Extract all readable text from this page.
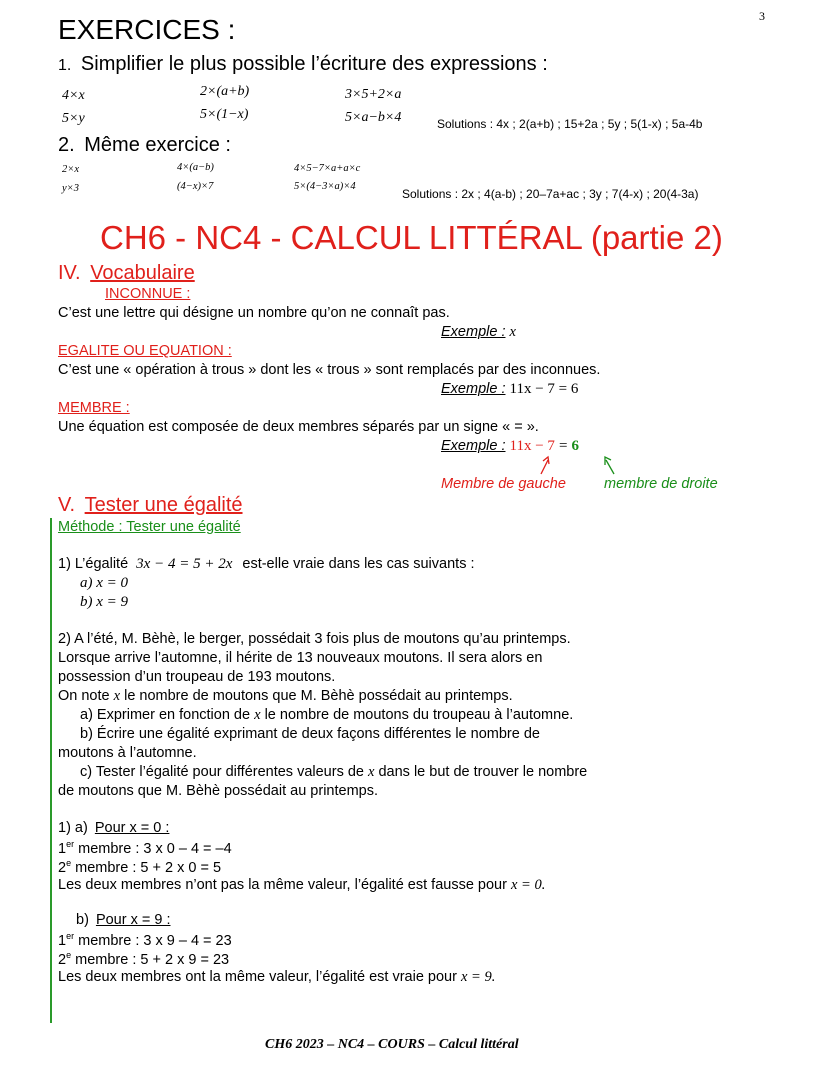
3
EXERCICES :
1. Simplifier le plus possible l’écriture des expressions :
4×x	2×(a+b)	3×5+2×a
5×y	5×(1−x)	5×a−b×4	Solutions : 4x ; 2(a+b) ; 15+2a ; 5y ; 5(1-x) ; 5a-4b
2. Même exercice :
2×x	4×(a−b)	4×5−7×a+a×c
y×3	(4−x)×7	5×(4−3×a)×4
Solutions : 2x ; 4(a-b) ; 20–7a+ac ; 3y ; 7(4-x) ; 20(4-3a)
CH6 - NC4 - CALCUL LITTÉRAL (partie 2)
IV. Vocabulaire
INCONNUE :
C’est une lettre qui désigne un nombre qu’on ne connaît pas.
Exemple : x
EGALITE OU EQUATION :
C’est une « opération à trous » dont les « trous » sont remplacés par des inconnues.
Exemple : 11x − 7 = 6
MEMBRE :
Une équation est composée de deux membres séparés par un signe « = ».
Exemple : 11x − 7 = 6
Membre de gauche	membre de droite
V. Tester une égalité
Méthode : Tester une égalité
1) L’égalité 3x − 4 = 5 + 2x est-elle vraie dans les cas suivants :
a) x = 0
b) x = 9
2) A l’été, M. Bèhè, le berger, possédait 3 fois plus de moutons qu’au printemps.
Lorsque arrive l’automne, il hérite de 13 nouveaux moutons. Il sera alors en
possession d’un troupeau de 193 moutons.
On note x le nombre de moutons que M. Bèhè possédait au printemps.
a) Exprimer en fonction de x le nombre de moutons du troupeau à l’automne.
b) Écrire une égalité exprimant de deux façons différentes le nombre de
moutons à l’automne.
c) Tester l’égalité pour différentes valeurs de x dans le but de trouver le nombre
de moutons que M. Bèhè possédait au printemps.
1) a) Pour x = 0 :
1er membre : 3 x 0 – 4 = –4
2e membre : 5 + 2 x 0 = 5
Les deux membres n’ont pas la même valeur, l’égalité est fausse pour x = 0.
b) Pour x = 9 :
1er membre : 3 x 9 – 4 = 23
2e membre : 5 + 2 x 9 = 23
Les deux membres ont la même valeur, l’égalité est vraie pour x = 9.
CH6 2023 – NC4 – COURS – Calcul littéral
